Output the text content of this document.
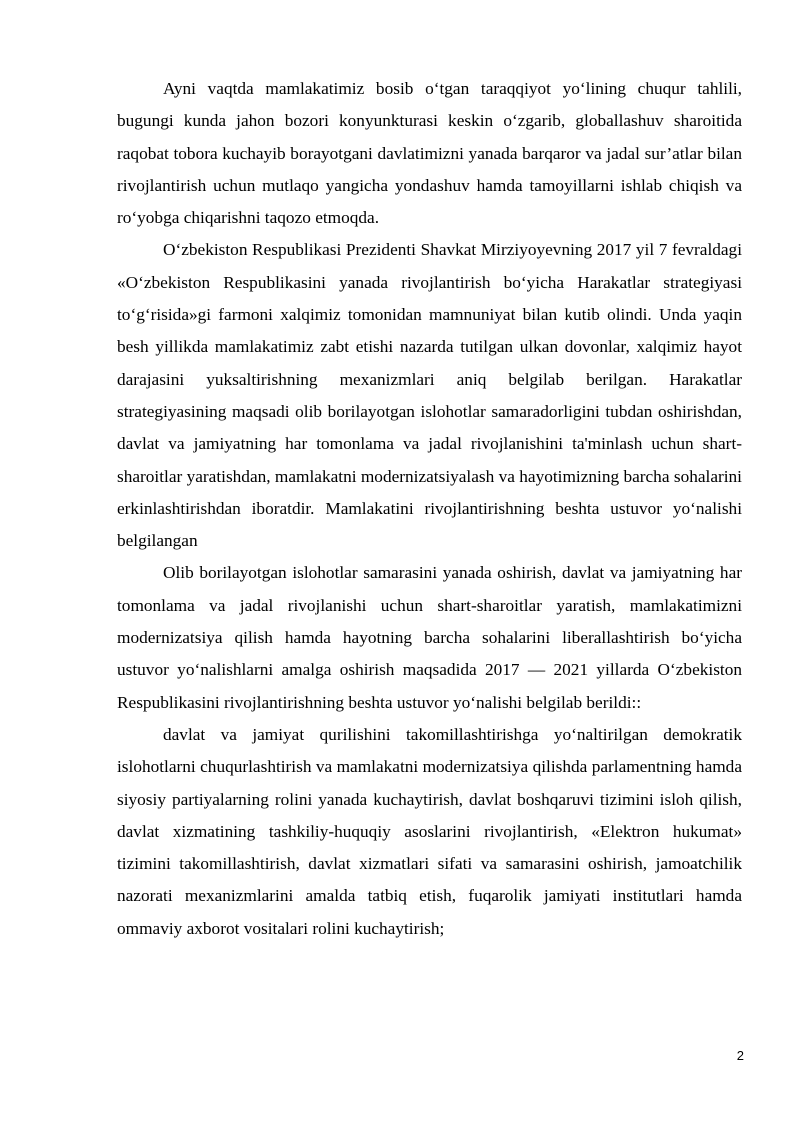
Ayni vaqtda mamlakatimiz bosib o‘tgan taraqqiyot yo‘lining chuqur tahlili, bugungi kunda jahon bozori konyunkturasi keskin o‘zgarib, globallashuv sharoitida raqobat tobora kuchayib borayotgani davlatimizni yanada barqaror va jadal sur’atlar bilan rivojlantirish uchun mutlaqo yangicha yondashuv hamda tamoyillarni ishlab chiqish va ro‘yobga chiqarishni taqozo etmoqda.

O‘zbekiston Respublikasi Prezidenti Shavkat Mirziyoyevning 2017 yil 7 fevraldagi «O‘zbekiston Respublikasini yanada rivojlantirish bo‘yicha Harakatlar strategiyasi to‘g‘risida»gi farmoni xalqimiz tomonidan mamnuniyat bilan kutib olindi. Unda yaqin besh yillikda mamlakatimiz zabt etishi nazarda tutilgan ulkan dovonlar, xalqimiz hayot darajasini yuksaltirishning mexanizmlari aniq belgilab berilgan. Harakatlar strategiyasining maqsadi olib borilayotgan islohotlar samaradorligini tubdan oshirishdan, davlat va jamiyatning har tomonlama va jadal rivojlanishini ta'minlash uchun shart-sharoitlar yaratishdan, mamlakatni modernizatsiyalash va hayotimizning barcha sohalarini erkinlashtirishdan iboratdir. Mamlakatini rivojlantirishning beshta ustuvor yo‘nalishi belgilangan

Olib borilayotgan islohotlar samarasini yanada oshirish, davlat va jamiyatning har tomonlama va jadal rivojlanishi uchun shart-sharoitlar yaratish, mamlakatimizni modernizatsiya qilish hamda hayotning barcha sohalarini liberallashtirish bo‘yicha ustuvor yo‘nalishlarni amalga oshirish maqsadida 2017 — 2021 yillarda O‘zbekiston Respublikasini rivojlantirishning beshta ustuvor yo‘nalishi belgilab berildi::

davlat va jamiyat qurilishini takomillashtirishga yo‘naltirilgan demokratik islohotlarni chuqurlashtirish va mamlakatni modernizatsiya qilishda parlamentning hamda siyosiy partiyalarning rolini yanada kuchaytirish, davlat boshqaruvi tizimini isloh qilish, davlat xizmatining tashkiliy-huquqiy asoslarini rivojlantirish, «Elektron hukumat» tizimini takomillashtirish, davlat xizmatlari sifati va samarasini oshirish, jamoatchilik nazorati mexanizmlarini amalda tatbiq etish, fuqarolik jamiyati institutlari hamda ommaviy axborot vositalari rolini kuchaytirish;

2
